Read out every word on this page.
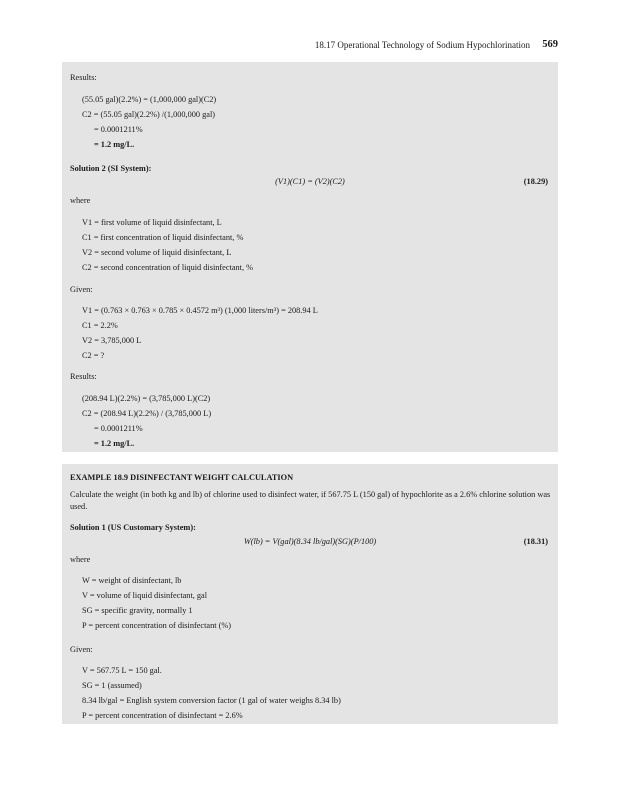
18.17 Operational Technology of Sodium Hypochlorination 569
Results:
(55.05 gal)(2.2%) = (1,000,000 gal)(C2)
C2 = (55.05 gal)(2.2%) /(1,000,000 gal)
= 0.0001211%
= 1.2 mg/L.
Solution 2 (SI System):
(V1)(C1) = (V2)(C2)	(18.29)
where
V1 = first volume of liquid disinfectant, L
C1 = first concentration of liquid disinfectant, %
V2 = second volume of liquid disinfectant, L
C2 = second concentration of liquid disinfectant, %
Given:
V1 = (0.763 × 0.763 × 0.785 × 0.4572 m³) (1,000 liters/m³) = 208.94 L
C1 = 2.2%
V2 = 3,785,000 L
C2 = ?
Results:
(208.94 L)(2.2%) = (3,785,000 L)(C2)
C2 = (208.94 L)(2.2%) / (3,785,000 L)
= 0.0001211%
= 1.2 mg/L.
EXAMPLE 18.9 DISINFECTANT WEIGHT CALCULATION
Calculate the weight (in both kg and lb) of chlorine used to disinfect water, if 567.75 L (150 gal) of hypochlorite as a 2.6% chlorine solution was used.
Solution 1 (US Customary System):
W(lb) = V(gal)(8.34 lb/gal)(SG)(P/100)	(18.31)
where
W = weight of disinfectant, lb
V = volume of liquid disinfectant, gal
SG = specific gravity, normally 1
P = percent concentration of disinfectant (%)
Given:
V = 567.75 L = 150 gal.
SG = 1 (assumed)
8.34 lb/gal = English system conversion factor (1 gal of water weighs 8.34 lb)
P = percent concentration of disinfectant = 2.6%
